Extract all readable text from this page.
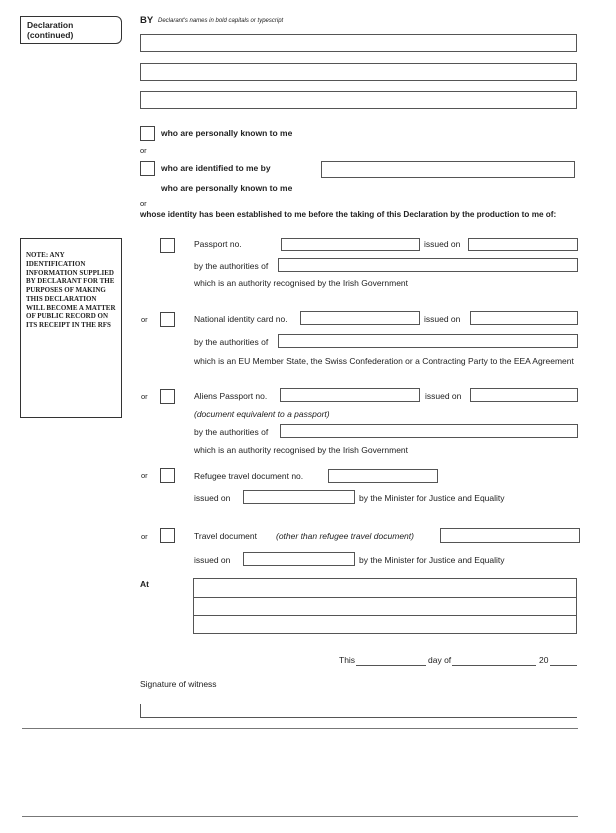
Declaration
(continued)
BY Declarant's names in bold capitals or typescript
who are personally known to me
or
who are identified to me by
who are personally known to me
or
whose identity has been established to me before the taking of this Declaration by the production to me of:
NOTE: ANY IDENTIFICATION INFORMATION SUPPLIED BY DECLARANT FOR THE PURPOSES OF MAKING THIS DECLARATION WILL BECOME A MATTER OF PUBLIC RECORD ON ITS RECEIPT IN THE RFS
Passport no.	issued on
by the authorities of
which is an authority recognised by the Irish Government
or	National identity card no.	issued on
by the authorities of
which is an EU Member State, the Swiss Confederation or a Contracting Party to the EEA Agreement
or	Aliens Passport no.	issued on
(document equivalent to a passport)
by the authorities of
which is an authority recognised by the Irish Government
or	Refugee travel document no.
issued on	by the Minister for Justice and Equality
or	Travel document (other than refugee travel document)
issued on	by the Minister for Justice and Equality
At
This	day of	20
Signature of witness
